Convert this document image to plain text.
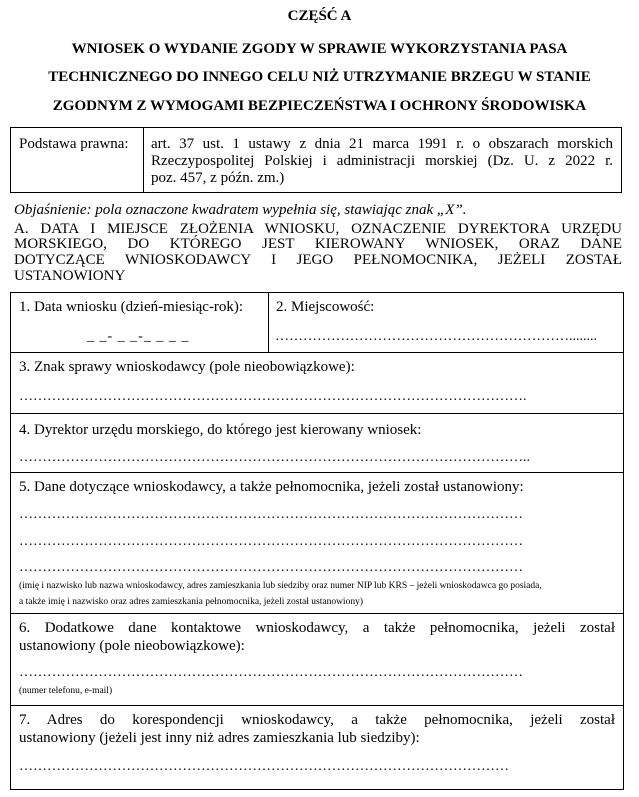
CZĘŚĆ A
WNIOSEK O WYDANIE ZGODY W SPRAWIE WYKORZYSTANIA PASA
TECHNICZNEGO DO INNEGO CELU NIŻ UTRZYMANIE BRZEGU W STANIE
ZGODNYM Z WYMOGAMI BEZPIECZEŃSTWA I OCHRONY ŚRODOWISKA
Podstawa prawna: art. 37 ust. 1 ustawy z dnia 21 marca 1991 r. o obszarach morskich
Rzeczypospolitej Polskiej i administracji morskiej (Dz. U. z 2022 r.
poz. 457, z późn. zm.)
Objaśnienie: pola oznaczone kwadratem wypełnia się, stawiając znak „X”.
A. DATA I MIEJSCE ZŁOŻENIA WNIOSKU, OZNACZENIE DYREKTORA URZĘDU
MORSKIEGO, DO KTÓREGO JEST KIEROWANY WNIOSEK, ORAZ DANE
DOTYCZĄCE WNIOSKODAWCY I JEGO PEŁNOMOCNIKA, JEŻELI ZOSTAŁ
USTANOWIONY
1. Data wniosku (dzień-miesiąc-rok):
_ _- _ _-_ _ _ _
2. Miejscowość:
………………………………………………………........
3. Znak sprawy wnioskodawcy (pole nieobowiązkowe):
……………………………………………………………………………………………….
4. Dyrektor urzędu morskiego, do którego jest kierowany wniosek:
………………………………………………………………………………………………..
5. Dane dotyczące wnioskodawcy, a także pełnomocnika, jeżeli został ustanowiony:
………………………………………………………………………………………………
………………………………………………………………………………………………
………………………………………………………………………………………………
(imię i nazwisko lub nazwa wnioskodawcy, adres zamieszkania lub siedziby oraz numer NIP lub KRS – jeżeli wnioskodawca go posiada,
a także imię i nazwisko oraz adres zamieszkania pełnomocnika, jeżeli został ustanowiony)
6. Dodatkowe dane kontaktowe wnioskodawcy, a także pełnomocnika, jeżeli został
ustanowiony (pole nieobowiązkowe):
………………………………………………………………………………………………
(numer telefonu, e-mail)
7. Adres do korespondencji wnioskodawcy, a także pełnomocnika, jeżeli został
ustanowiony (jeżeli jest inny niż adres zamieszkania lub siedziby):
……………………………………………………………………………………………
